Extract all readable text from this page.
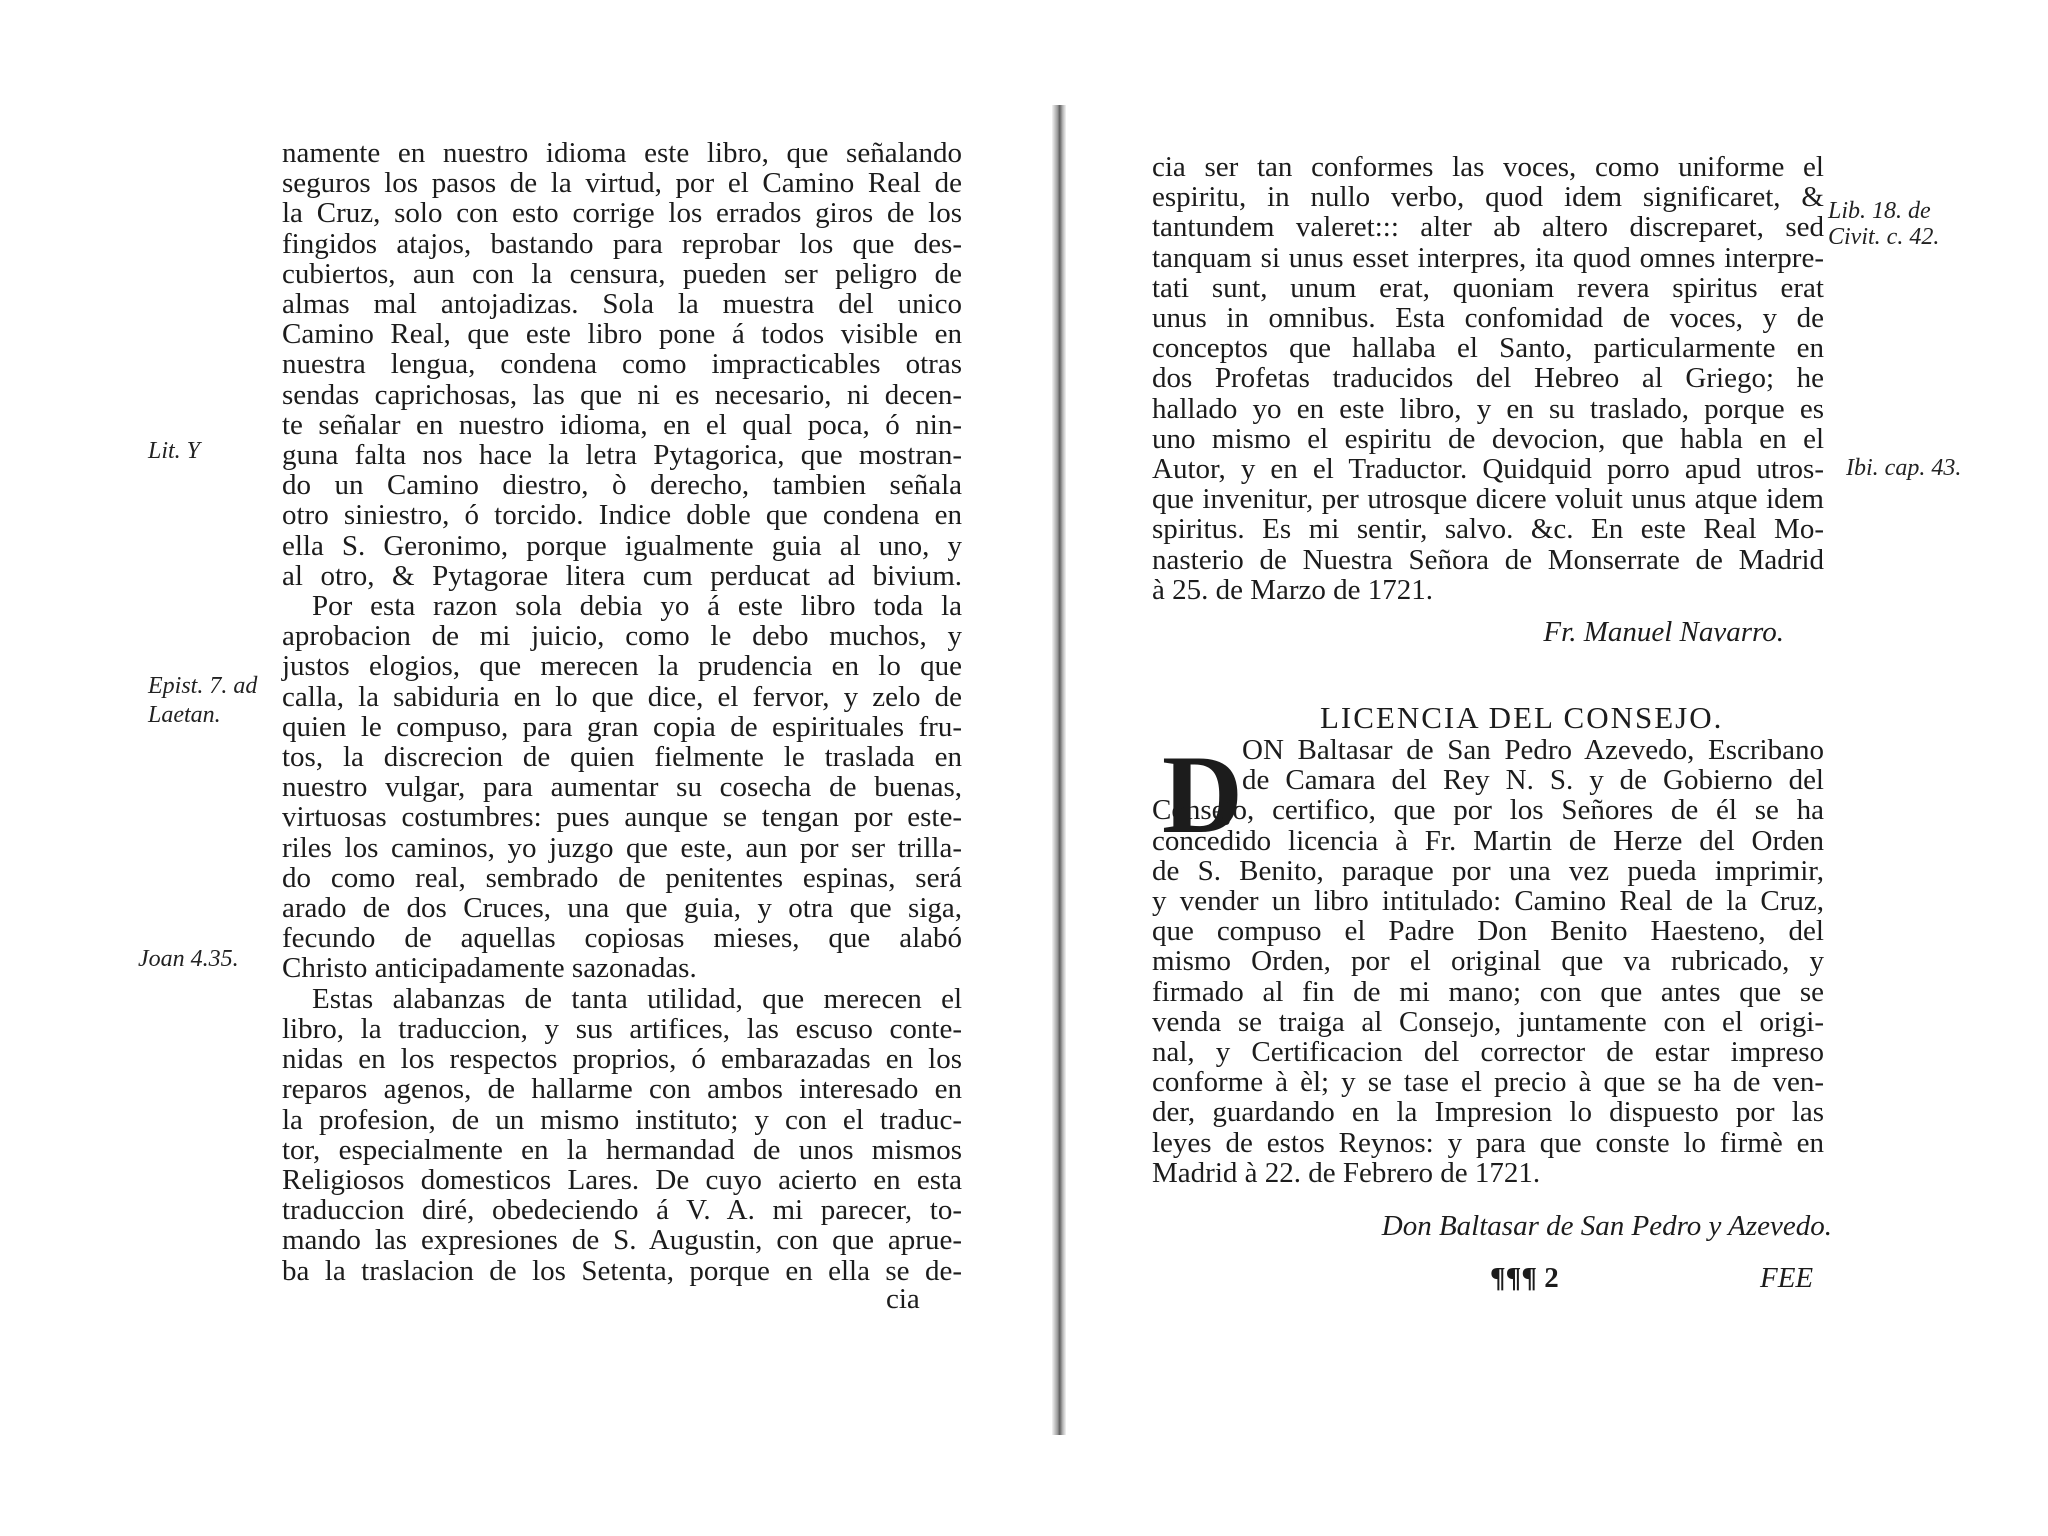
namente en nuestro idioma este libro, que señalando
seguros los pasos de la virtud, por el Camino Real de
la Cruz, solo con esto corrige los errados giros de los
fingidos atajos, bastando para reprobar los que des-
cubiertos, aun con la censura, pueden ser peligro de
almas mal antojadizas. Sola la muestra del unico
Camino Real, que este libro pone á todos visible en
nuestra lengua, condena como impracticables otras
sendas caprichosas, las que ni es necesario, ni decen-
te señalar en nuestro idioma, en el qual poca, ó nin-
guna falta nos hace la letra Pytagorica, que mostran-
do un Camino diestro, ò derecho, tambien señala
otro siniestro, ó torcido. Indice doble que condena en
ella S. Geronimo, porque igualmente guia al uno, y
al otro, & Pytagorae litera cum perducat ad bivium.
Por esta razon sola debia yo á este libro toda la
aprobacion de mi juicio, como le debo muchos, y
justos elogios, que merecen la prudencia en lo que
calla, la sabiduria en lo que dice, el fervor, y zelo de
quien le compuso, para gran copia de espirituales fru-
tos, la discrecion de quien fielmente le traslada en
nuestro vulgar, para aumentar su cosecha de buenas,
virtuosas costumbres: pues aunque se tengan por este-
riles los caminos, yo juzgo que este, aun por ser trilla-
do como real, sembrado de penitentes espinas, será
arado de dos Cruces, una que guia, y otra que siga,
fecundo de aquellas copiosas mieses, que alabó
Christo anticipadamente sazonadas.
Estas alabanzas de tanta utilidad, que merecen el
libro, la traduccion, y sus artifices, las escuso conte-
nidas en los respectos proprios, ó embarazadas en los
reparos agenos, de hallarme con ambos interesado en
la profesion, de un mismo instituto; y con el traduc-
tor, especialmente en la hermandad de unos mismos
Religiosos domesticos Lares. De cuyo acierto en esta
traduccion diré, obedeciendo á V. A. mi parecer, to-
mando las expresiones de S. Augustin, con que aprue-
ba la traslacion de los Setenta, porque en ella se de-
cia
Lit. Y
Epist. 7. ad
Laetan.
Joan 4.35.
cia ser tan conformes las voces, como uniforme el
espiritu, in nullo verbo, quod idem significaret, &
tantundem valeret::: alter ab altero discreparet, sed
tanquam si unus esset interpres, ita quod omnes interpre-
tati sunt, unum erat, quoniam revera spiritus erat
unus in omnibus. Esta confomidad de voces, y de
conceptos que hallaba el Santo, particularmente en
dos Profetas traducidos del Hebreo al Griego; he
hallado yo en este libro, y en su traslado, porque es
uno mismo el espiritu de devocion, que habla en el
Autor, y en el Traductor. Quidquid porro apud utros-
que invenitur, per utrosque dicere voluit unus atque idem
spiritus. Es mi sentir, salvo. &c. En este Real Mo-
nasterio de Nuestra Señora de Monserrate de Madrid
à 25. de Marzo de 1721.
Lib. 18. de
Civit. c. 42.
Ibi. cap. 43.
Fr. Manuel Navarro.
LICENCIA DEL CONSEJO.
D ON Baltasar de San Pedro Azevedo, Escribano
de Camara del Rey N. S. y de Gobierno del
Consejo, certifico, que por los Señores de él se ha
concedido licencia à Fr. Martin de Herze del Orden
de S. Benito, paraque por una vez pueda imprimir,
y vender un libro intitulado: Camino Real de la Cruz,
que compuso el Padre Don Benito Haesteno, del
mismo Orden, por el original que va rubricado, y
firmado al fin de mi mano; con que antes que se
venda se traiga al Consejo, juntamente con el origi-
nal, y Certificacion del corrector de estar impreso
conforme à èl; y se tase el precio à que se ha de ven-
der, guardando en la Impresion lo dispuesto por las
leyes de estos Reynos: y para que conste lo firmè en
Madrid à 22. de Febrero de 1721.
Don Baltasar de San Pedro y Azevedo.
¶¶¶ 2	FEE
